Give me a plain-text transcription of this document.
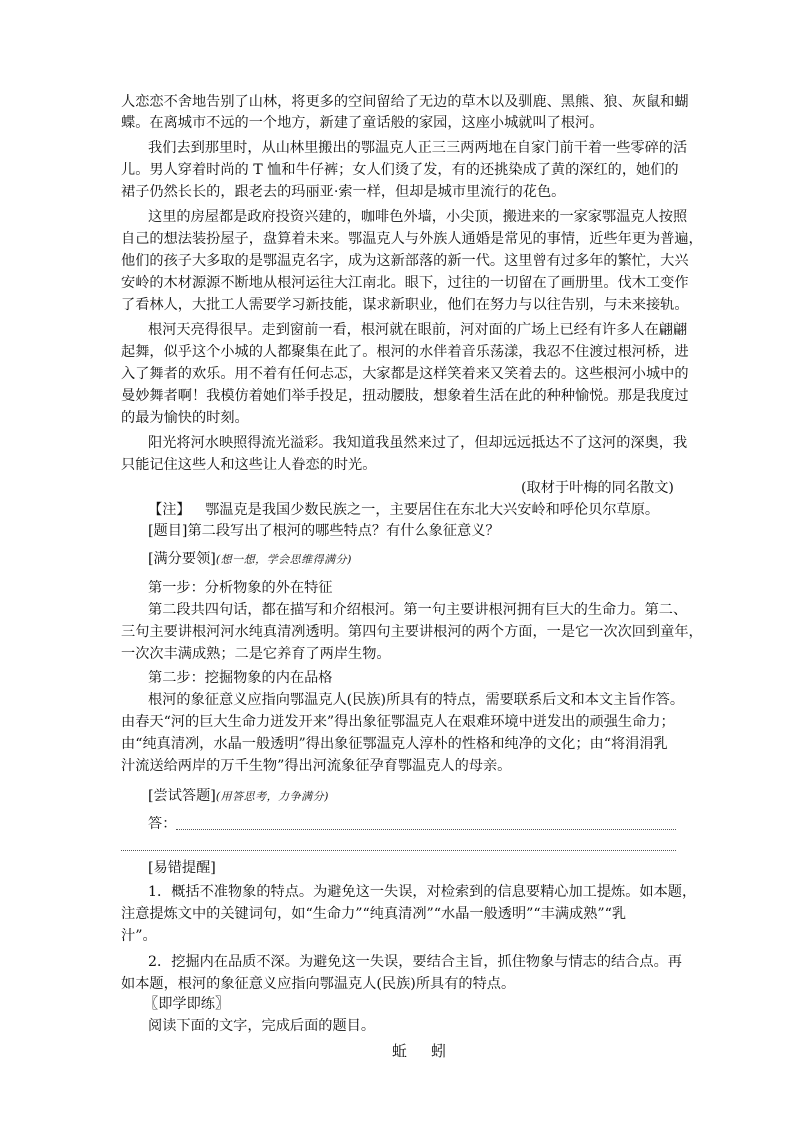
人恋恋不舍地告别了山林，将更多的空间留给了无边的草木以及驯鹿、黑熊、狼、灰鼠和蝴
蝶。在离城市不远的一个地方，新建了童话般的家园，这座小城就叫了根河。
我们去到那里时，从山林里搬出的鄂温克人正三三两两地在自家门前干着一些零碎的活
儿。男人穿着时尚的 T 恤和牛仔裤；女人们烫了发，有的还挑染成了黄的深红的，她们的
裙子仍然长长的，跟老去的玛丽亚·索一样，但却是城市里流行的花色。
这里的房屋都是政府投资兴建的，咖啡色外墙，小尖顶，搬进来的一家家鄂温克人按照
自己的想法装扮屋子，盘算着未来。鄂温克人与外族人通婚是常见的事情，近些年更为普遍，
他们的孩子大多取的是鄂温克名字，成为这新部落的新一代。这里曾有过多年的繁忙，大兴
安岭的木材源源不断地从根河运往大江南北。眼下，过往的一切留在了画册里。伐木工变作
了看林人，大批工人需要学习新技能，谋求新职业，他们在努力与以往告别，与未来接轨。
根河天亮得很早。走到窗前一看，根河就在眼前，河对面的广场上已经有许多人在翩翩
起舞，似乎这个小城的人都聚集在此了。根河的水伴着音乐荡漾，我忍不住渡过根河桥，进
入了舞者的欢乐。用不着有任何忐忑，大家都是这样笑着来又笑着去的。这些根河小城中的
曼妙舞者啊！我模仿着她们举手投足，扭动腰肢，想象着生活在此的种种愉悦。那是我度过
的最为愉快的时刻。
阳光将河水映照得流光溢彩。我知道我虽然来过了，但却远远抵达不了这河的深奥，我
只能记住这些人和这些让人眷恋的时光。
(取材于叶梅的同名散文)
【注】 鄂温克是我国少数民族之一，主要居住在东北大兴安岭和呼伦贝尔草原。
[题目]第二段写出了根河的哪些特点？有什么象征意义？
[满分要领](想一想，学会思维得满分)
第一步：分析物象的外在特征
第二段共四句话，都在描写和介绍根河。第一句主要讲根河拥有巨大的生命力。第二、
三句主要讲根河河水纯真清冽透明。第四句主要讲根河的两个方面，一是它一次次回到童年，
一次次丰满成熟；二是它养育了两岸生物。
第二步：挖掘物象的内在品格
根河的象征意义应指向鄂温克人(民族)所具有的特点，需要联系后文和本文主旨作答。
由春天“河的巨大生命力迸发开来”得出象征鄂温克人在艰难环境中迸发出的顽强生命力；
由“纯真清冽，水晶一般透明”得出象征鄂温克人淳朴的性格和纯净的文化；由“将涓涓乳
汁流送给两岸的万千生物”得出河流象征孕育鄂温克人的母亲。
[尝试答题](用答思考，力争满分)
答：
[易错提醒]
1．概括不准物象的特点。为避免这一失误，对检索到的信息要精心加工提炼。如本题，
注意提炼文中的关键词句，如“生命力”“纯真清冽”“水晶一般透明”“丰满成熟”“乳
汁”。
2．挖掘内在品质不深。为避免这一失误，要结合主旨，抓住物象与情志的结合点。再
如本题，根河的象征意义应指向鄂温克人(民族)所具有的特点。
〖即学即练〗
阅读下面的文字，完成后面的题目。
蚯蚓
